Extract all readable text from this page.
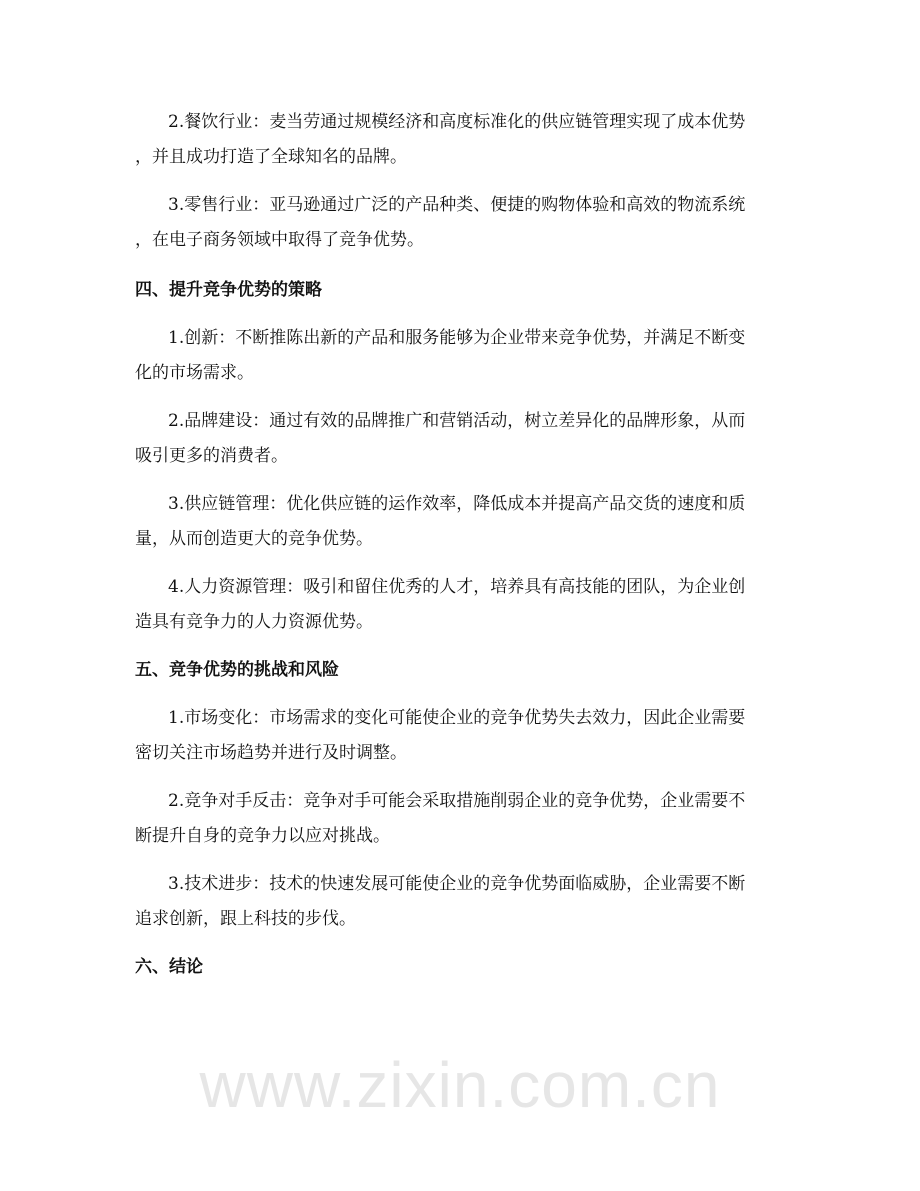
www.zixin.com.cn
2.餐饮行业：麦当劳通过规模经济和高度标准化的供应链管理实现了成本优势
，并且成功打造了全球知名的品牌。
3.零售行业：亚马逊通过广泛的产品种类、便捷的购物体验和高效的物流系统
，在电子商务领域中取得了竞争优势。
四、提升竞争优势的策略
1.创新：不断推陈出新的产品和服务能够为企业带来竞争优势，并满足不断变
化的市场需求。
2.品牌建设：通过有效的品牌推广和营销活动，树立差异化的品牌形象，从而
吸引更多的消费者。
3.供应链管理：优化供应链的运作效率，降低成本并提高产品交货的速度和质
量，从而创造更大的竞争优势。
4.人力资源管理：吸引和留住优秀的人才，培养具有高技能的团队，为企业创
造具有竞争力的人力资源优势。
五、竞争优势的挑战和风险
1.市场变化：市场需求的变化可能使企业的竞争优势失去效力，因此企业需要
密切关注市场趋势并进行及时调整。
2.竞争对手反击：竞争对手可能会采取措施削弱企业的竞争优势，企业需要不
断提升自身的竞争力以应对挑战。
3.技术进步：技术的快速发展可能使企业的竞争优势面临威胁，企业需要不断
追求创新，跟上科技的步伐。
六、结论
